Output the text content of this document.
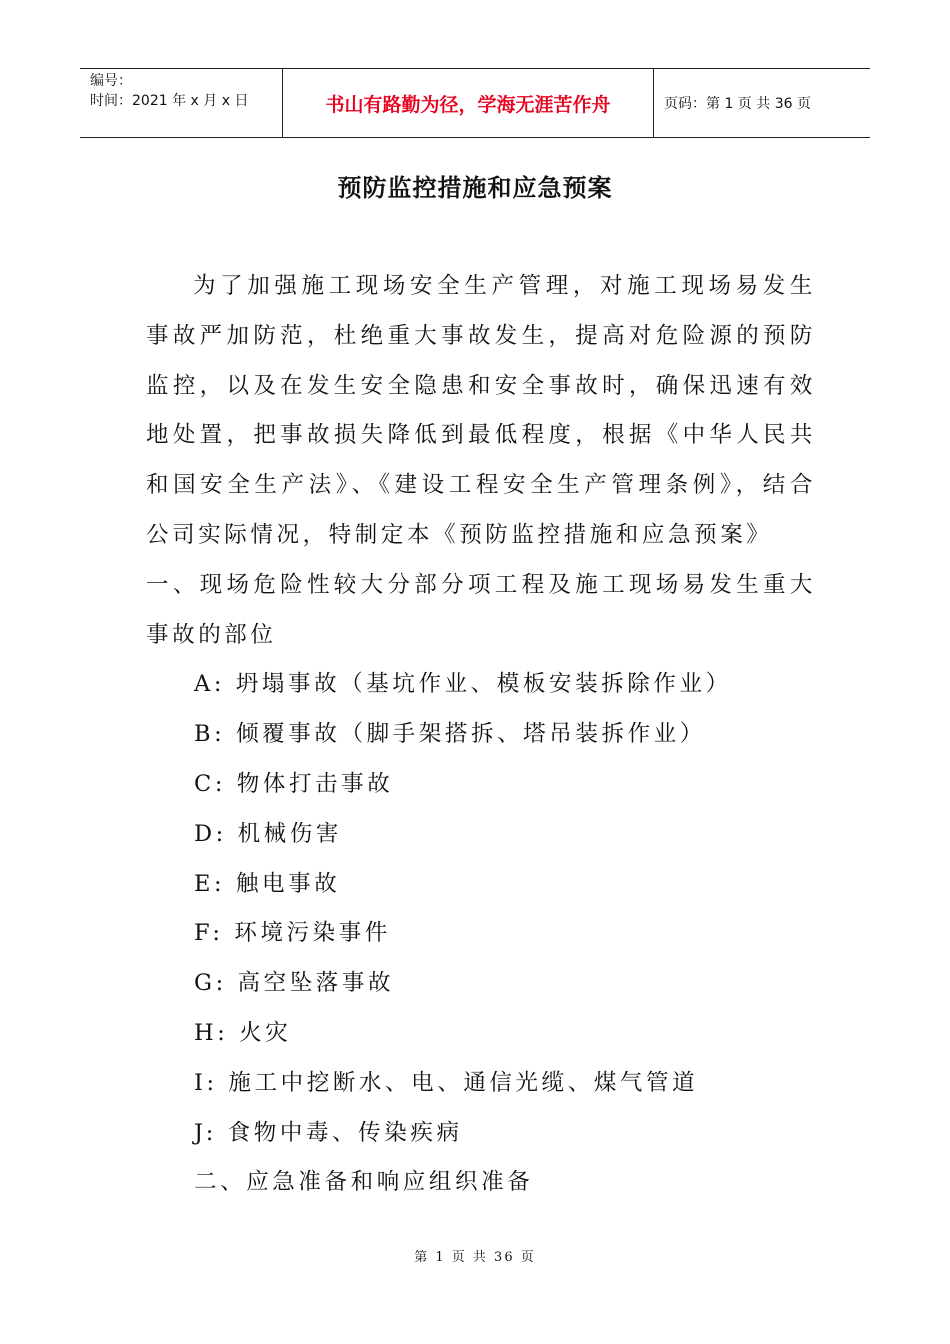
编号：
时间：2021 年 x 月 x 日	书山有路勤为径，学海无涯苦作舟	页码：第 1 页 共 36 页
预防监控措施和应急预案

为了加强施工现场安全生产管理，对施工现场易发生事故严加防范，杜绝重大事故发生，提高对危险源的预防监控，以及在发生安全隐患和安全事故时，确保迅速有效地处置，把事故损失降低到最低程度，根据《中华人民共和国安全生产法》、《建设工程安全生产管理条例》，结合公司实际情况，特制定本《预防监控措施和应急预案》

一、现场危险性较大分部分项工程及施工现场易发生重大事故的部位

A: 坍塌事故（基坑作业、模板安装拆除作业）

B: 倾覆事故（脚手架搭拆、塔吊装拆作业）

C: 物体打击事故

D: 机械伤害

E: 触电事故

F: 环境污染事件

G: 高空坠落事故

H: 火灾

I: 施工中挖断水、电、通信光缆、煤气管道

J: 食物中毒、传染疾病

二、应急准备和响应组织准备

第 1 页 共 36 页
